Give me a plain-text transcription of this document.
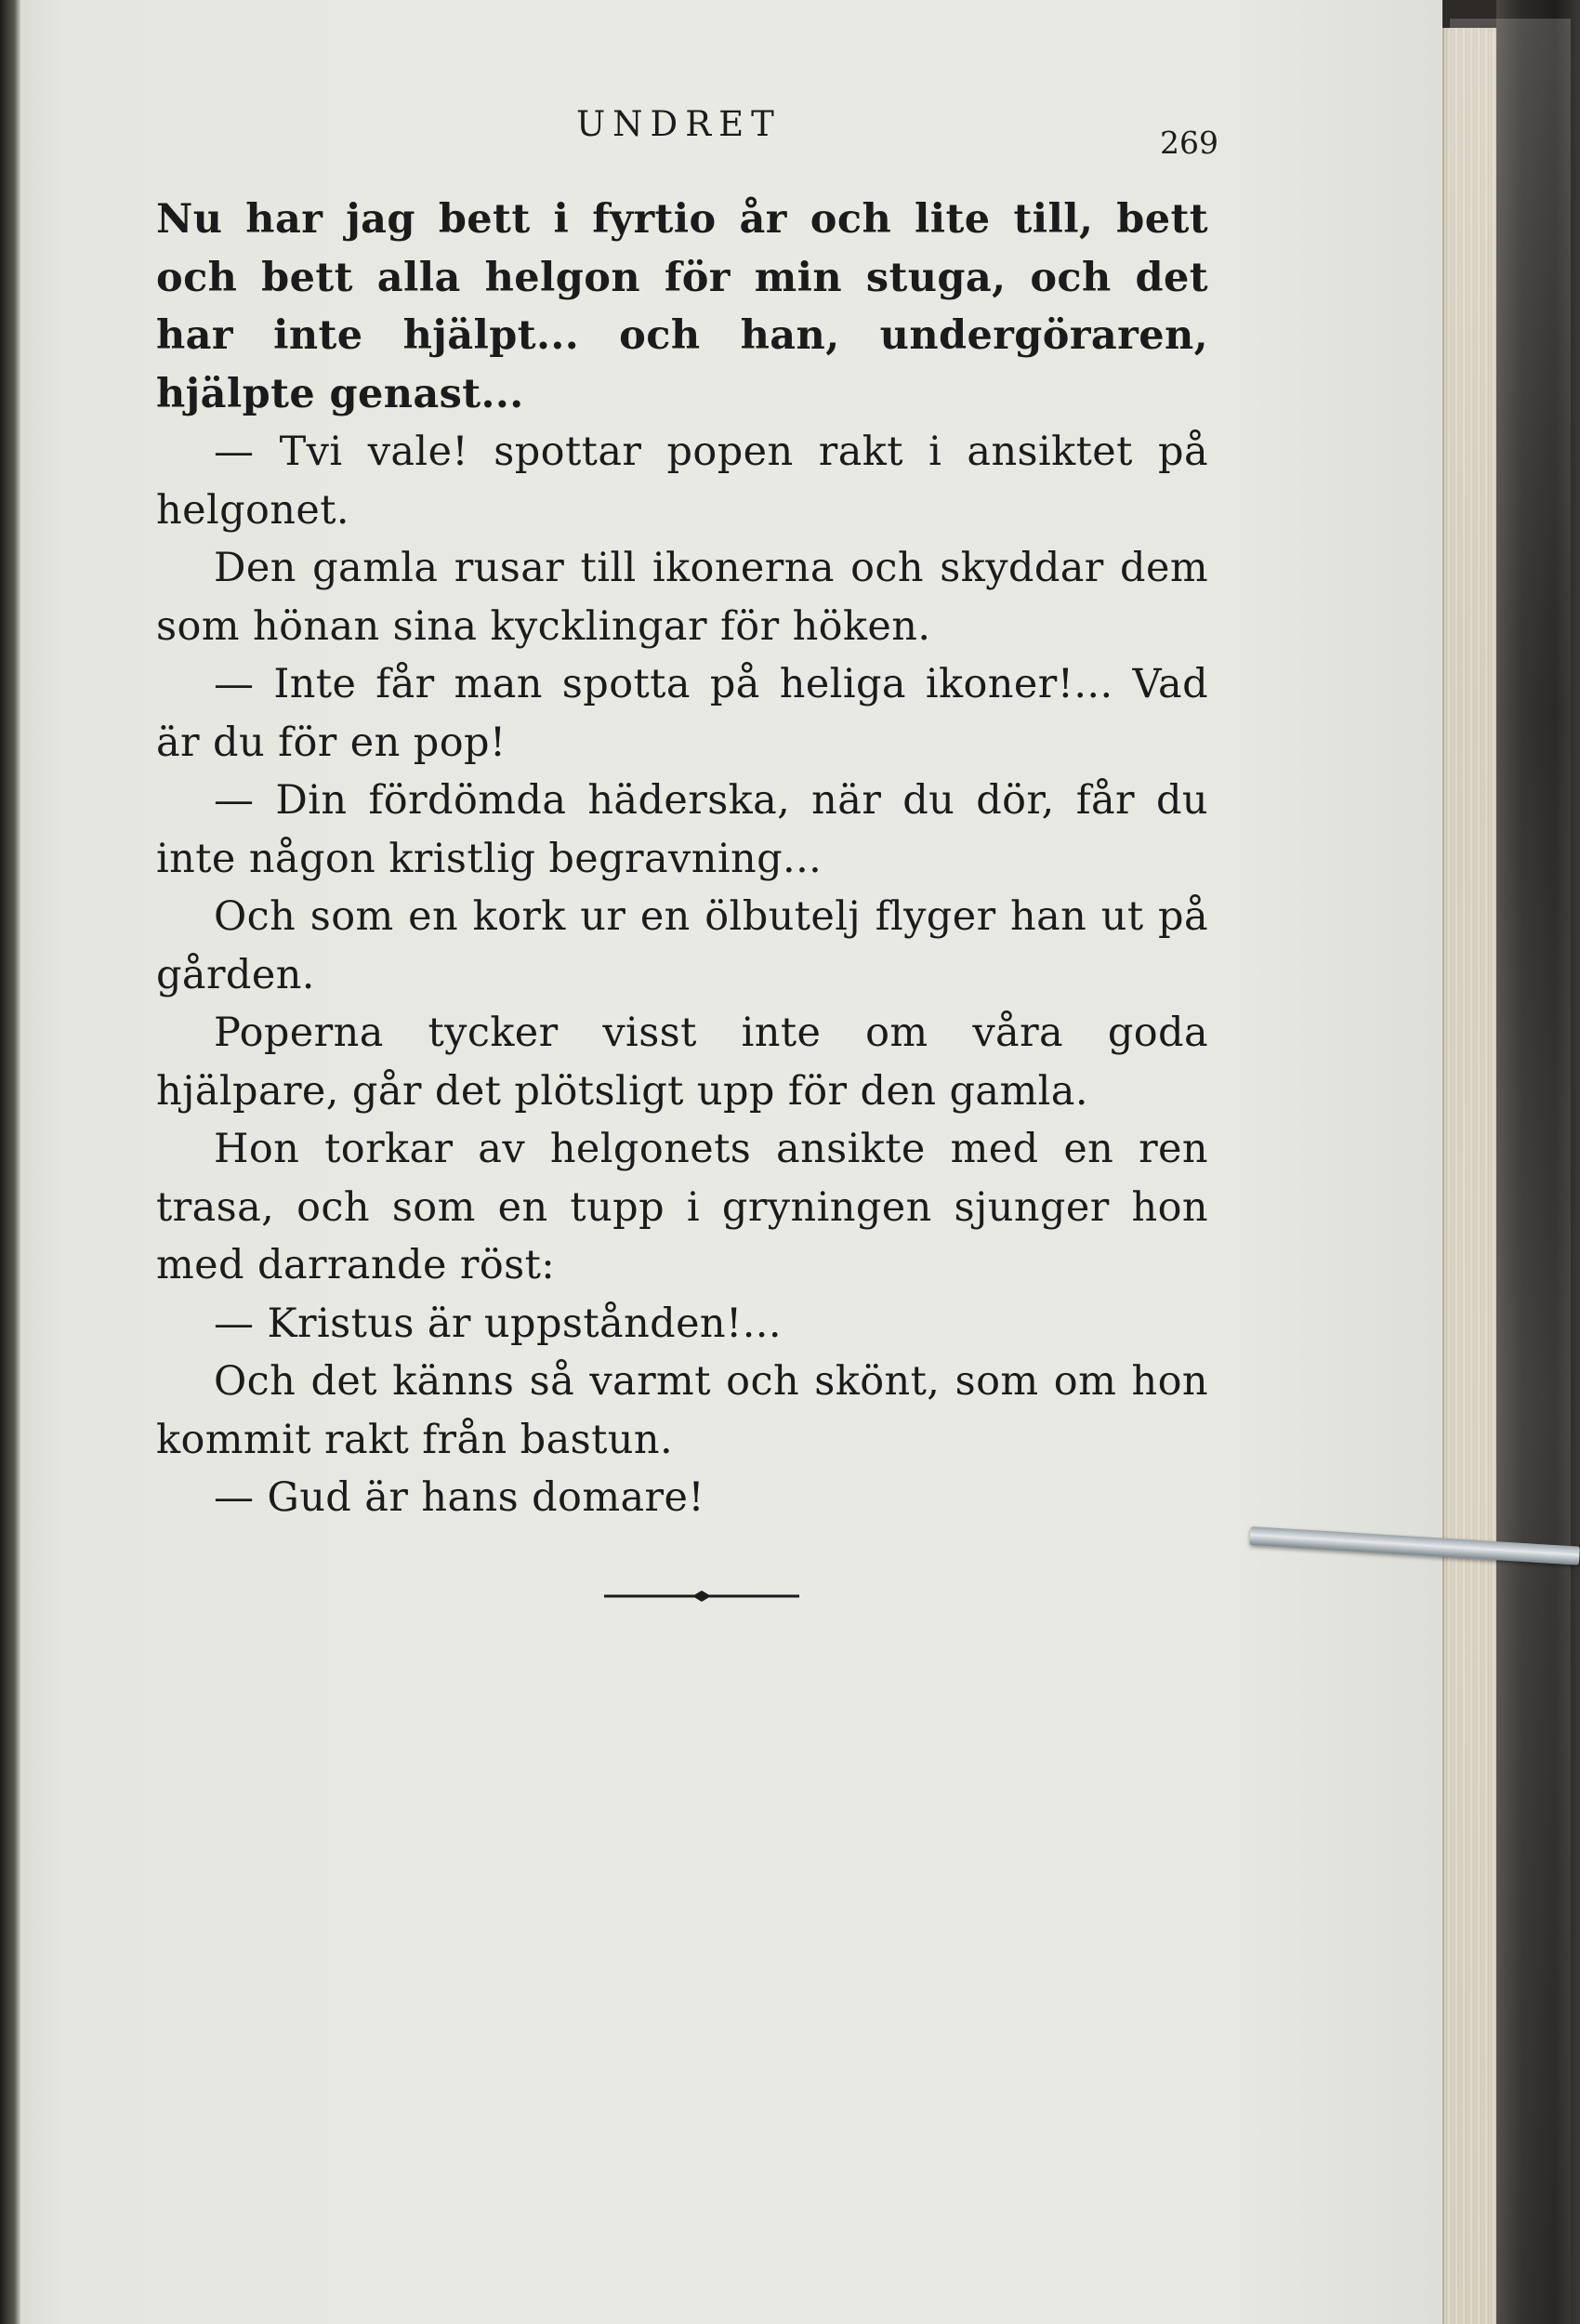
UNDRET	269

Nu har jag bett i fyrtio år och lite till, bett och bett alla helgon för min stuga, och det har inte hjälpt... och han, undergöraren, hjälpte genast...

— Tvi vale! spottar popen rakt i ansiktet på helgonet.

Den gamla rusar till ikonerna och skyddar dem som hönan sina kycklingar för höken.

— Inte får man spotta på heliga ikoner!... Vad är du för en pop!

— Din fördömda häderska, när du dör, får du inte någon kristlig begravning...

Och som en kork ur en ölbutelj flyger han ut på gården.

Poperna tycker visst inte om våra goda hjälpare, går det plötsligt upp för den gamla.

Hon torkar av helgonets ansikte med en ren trasa, och som en tupp i gryningen sjunger hon med darrande röst:

— Kristus är uppstånden!...

Och det känns så varmt och skönt, som om hon kommit rakt från bastun.

— Gud är hans domare!
